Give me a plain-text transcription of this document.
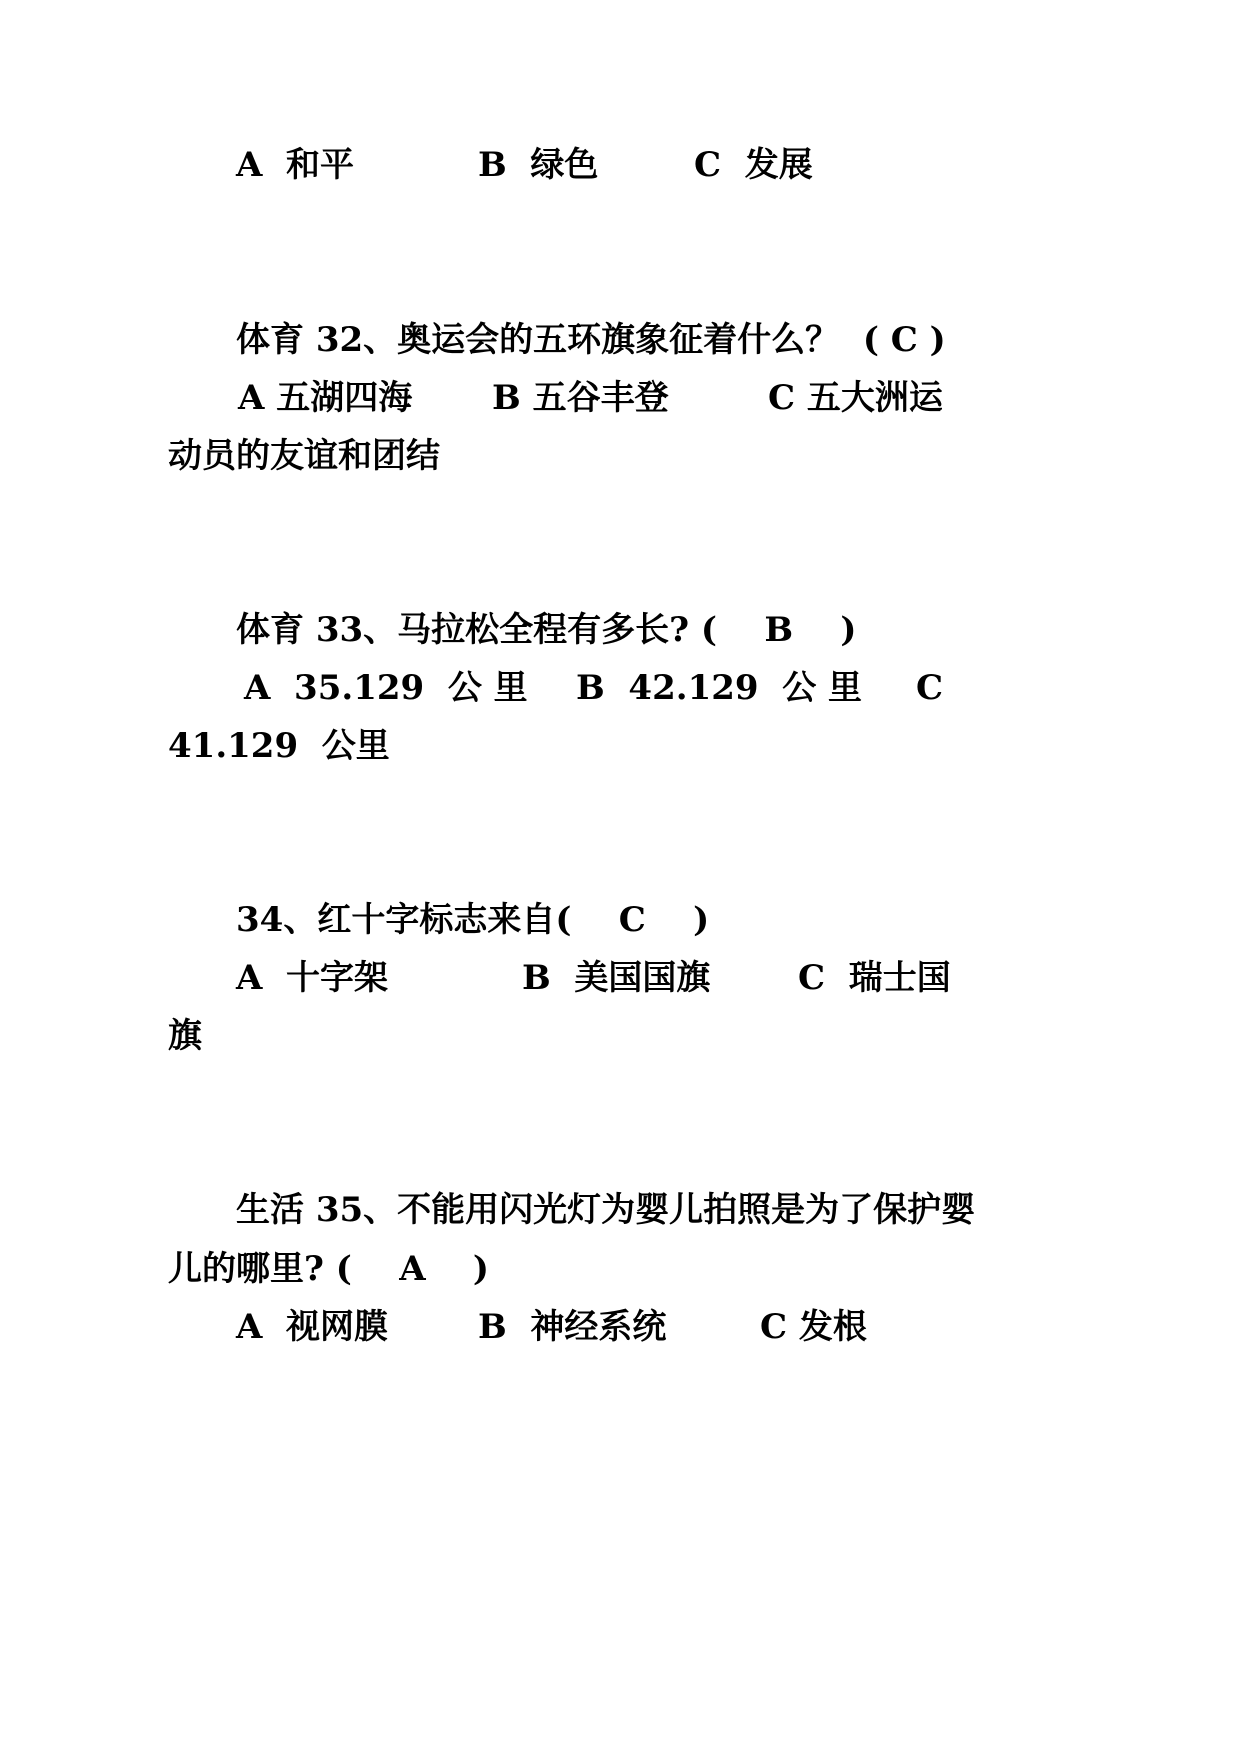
A  和平	B  绿色	C  发展
体育 32、奥运会的五环旗象征着什么？  ( C )
A 五湖四海 B 五谷丰登	C 五大洲运
动员的友谊和团结
体育 33、马拉松全程有多长? (    B    )
A  35.129  公 里 B  42.129  公 里 C
41.129  公里
34、红十字标志来自(    C    )
A  十字架	B  美国国旗	C  瑞士国
旗
生活 35、不能用闪光灯为婴儿拍照是为了保护婴
儿的哪里? (    A    )
A  视网膜	B  神经系统	C 发根
